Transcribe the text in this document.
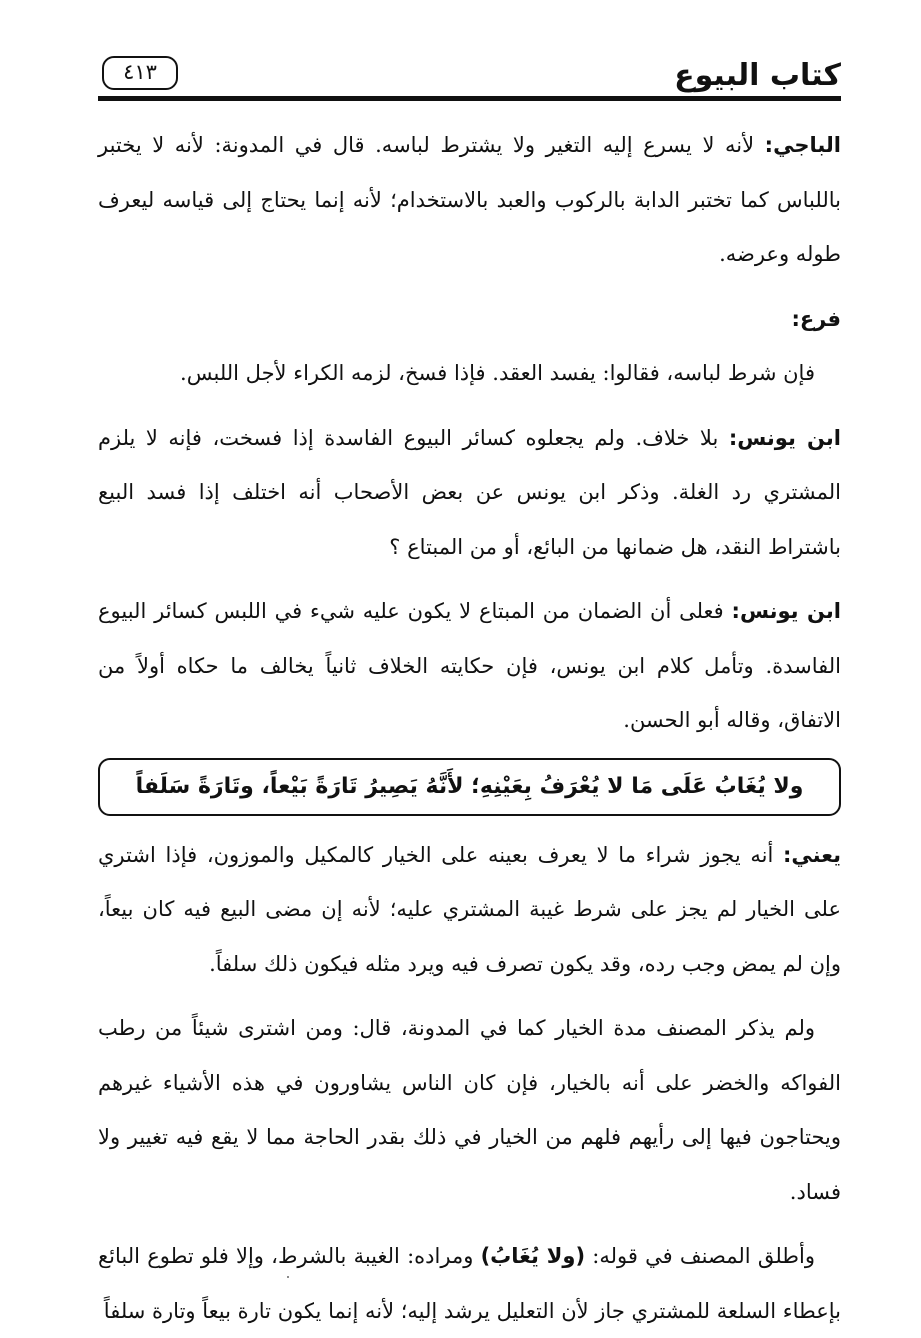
كتاب البيوع
٤١٣

الباجي: لأنه لا يسرع إليه التغير ولا يشترط لباسه. قال في المدونة: لأنه لا يختبر باللباس كما تختبر الدابة بالركوب والعبد بالاستخدام؛ لأنه إنما يحتاج إلى قياسه ليعرف طوله وعرضه.

فرع:

فإن شرط لباسه، فقالوا: يفسد العقد. فإذا فسخ، لزمه الكراء لأجل اللبس.

ابن يونس: بلا خلاف. ولم يجعلوه كسائر البيوع الفاسدة إذا فسخت، فإنه لا يلزم المشتري رد الغلة. وذكر ابن يونس عن بعض الأصحاب أنه اختلف إذا فسد البيع باشتراط النقد، هل ضمانها من البائع، أو من المبتاع ؟

ابن يونس: فعلى أن الضمان من المبتاع لا يكون عليه شيء في اللبس كسائر البيوع الفاسدة. وتأمل كلام ابن يونس، فإن حكايته الخلاف ثانياً يخالف ما حكاه أولاً من الاتفاق، وقاله أبو الحسن.

ولا يُغَابُ عَلَى مَا لا يُعْرَفُ بِعَيْنِهِ؛ لأَنَّهُ يَصِيرُ تَارَةً بَيْعاً، وتَارَةً سَلَفاً

يعني: أنه يجوز شراء ما لا يعرف بعينه على الخيار كالمكيل والموزون، فإذا اشتري على الخيار لم يجز على شرط غيبة المشتري عليه؛ لأنه إن مضى البيع فيه كان بيعاً، وإن لم يمض وجب رده، وقد يكون تصرف فيه ويرد مثله فيكون ذلك سلفاً.

ولم يذكر المصنف مدة الخيار كما في المدونة، قال: ومن اشترى شيئاً من رطب الفواكه والخضر على أنه بالخيار، فإن كان الناس يشاورون في هذه الأشياء غيرهم ويحتاجون فيها إلى رأيهم فلهم من الخيار في ذلك بقدر الحاجة مما لا يقع فيه تغيير ولا فساد.

وأطلق المصنف في قوله: (ولا يُغَابُ) ومراده: الغيبة بالشرط، وإلا فلو تطوع البائع بإعطاء السلعة للمشتري جاز لأن التعليل يرشد إليه؛ لأنه إنما يكون تارة بيعاً وتارة سلفاً
